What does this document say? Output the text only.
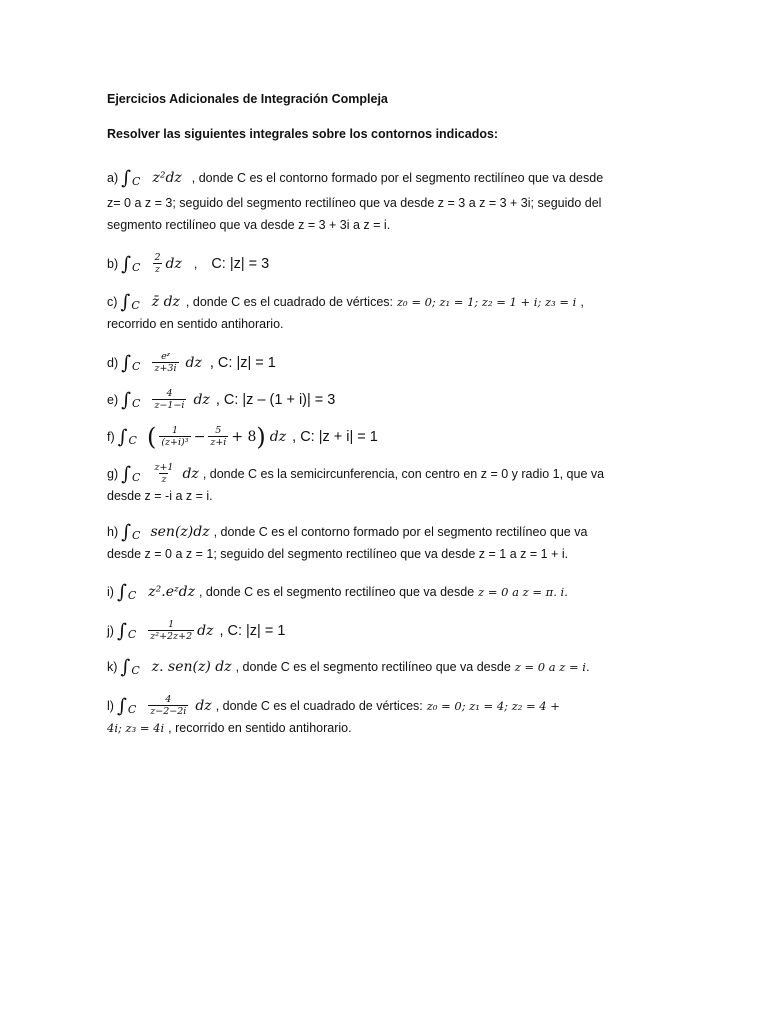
Ejercicios Adicionales de Integración Compleja
Resolver las siguientes integrales sobre los contornos indicados:
a) $\int_C$ z²dz , donde C es el contorno formado por el segmento rectilíneo que va desde
z= 0 a z = 3; seguido del segmento rectilíneo que va desde z = 3 a z = 3 + 3i; seguido del
segmento rectilíneo que va desde z = 3 + 3i a z = i.
b) $\int_C \frac{2}{z}$ dz , C: |z| = 3
c) $\int_C$ z̄ dz , donde C es el cuadrado de vértices: z₀ = 0; z₁ = 1; z₂ = 1 + i; z₃ = i ,
recorrido en sentido antihorario.
d) $\int_C \frac{\text{eᶻ}}{z+3i}$ dz , C: |z| = 1
e) $\int_C \frac{4}{z-1-i}$ dz , C: |z – (1 + i)| = 3
f) $\int_C$ ( $\frac{1}{\text{(z+i)³}} - \frac{5}{z+i} + 8$ ) dz , C: |z + i| = 1
g) $\int_C \frac{z+1}{z}$ dz , donde C es la semicircunferencia, con centro en z = 0 y radio 1, que va
desde z = -i a z = i.
h) $\int_C$ sen(z)dz , donde C es el contorno formado por el segmento rectilíneo que va
desde z = 0 a z = 1; seguido del segmento rectilíneo que va desde z = 1 a z = 1 + i.
i) $\int_C$ z².eᶻdz , donde C es el segmento rectilíneo que va desde z = 0 a z = π. i.
j) $\int_C \frac{1}{\text{z²+2z+2}}$ dz , C: |z| = 1
k) $\int_C$ z. sen(z) dz , donde C es el segmento rectilíneo que va desde z = 0 a z = i.
l) $\int_C \frac{4}{z-2-2i}$ dz , donde C es el cuadrado de vértices: z₀ = 0; z₁ = 4; z₂ = 4 +
4i; z₃ = 4i , recorrido en sentido antihorario.
